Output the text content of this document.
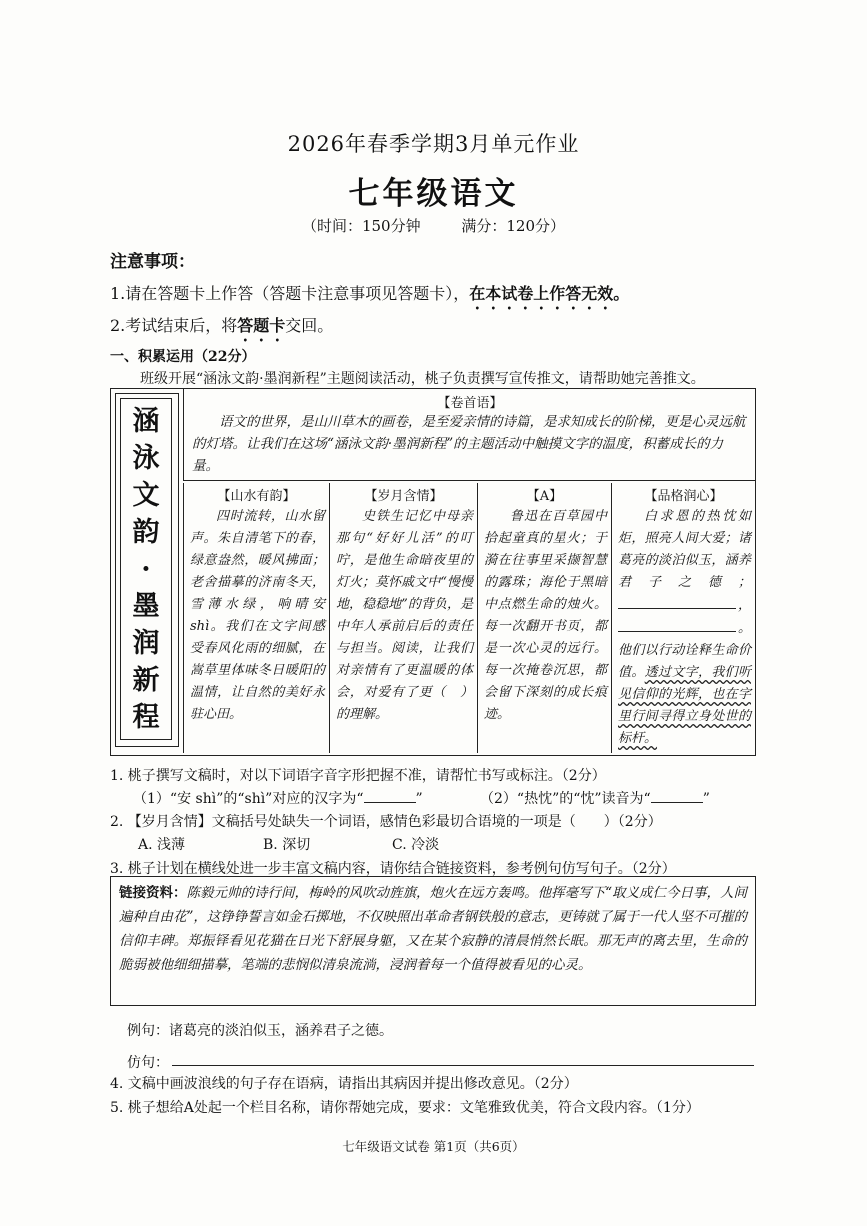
2026年春季学期3月单元作业
七年级语文
（时间：150分钟	满分：120分）
注意事项：
1.请在答题卡上作答（答题卡注意事项见答题卡），在本试卷上作答无效。
2.考试结束后，将答题卡交回。
一、积累运用（22分）
班级开展“涵泳文韵·墨润新程”主题阅读活动，桃子负责撰写宣传推文，请帮助她完善推文。
涵
泳
文
韵
·
墨
润
新
程
【卷首语】
语文的世界，是山川草木的画卷，是至爱亲情的诗篇，是求知成长的阶梯，更是心灵远航的灯塔。让我们在这场“涵泳文韵·墨润新程”的主题活动中触摸文字的温度，积蓄成长的力量。
【山水有韵】
四时流转，山水留声。朱自清笔下的春，绿意盎然，暖风拂面；老舍描摹的济南冬天，雪薄水绿，响晴安shì。我们在文字间感受春风化雨的细腻，在嵩草里体味冬日暖阳的温情，让自然的美好永驻心田。
【岁月含情】
史铁生记忆中母亲那句“好好儿活”的叮咛，是他生命暗夜里的灯火；莫怀戚文中“慢慢地，稳稳地”的背负，是中年人承前启后的责任与担当。阅读，让我们对亲情有了更温暖的体会，对爱有了更（　）的理解。
【A】
鲁迅在百草园中拾起童真的星火；于漪在往事里采撷智慧的露珠；海伦于黑暗中点燃生命的烛火。每一次翻开书页，都是一次心灵的远行。每一次掩卷沉思，都会留下深刻的成长痕迹。
【品格润心】
白求恩的热忱如炬，照亮人间大爱；诸葛亮的淡泊似玉，涵养君子之德；，。他们以行动诠释生命价值。透过文字，我们听见信仰的光辉，也在字里行间寻得立身处世的标杆。
1. 桃子撰写文稿时，对以下词语字音字形把握不准，请帮忙书写或标注。（2分）
（1）“安 shì”的“shì”对应的汉字为“	”	（2）“热忱”的“忱”读音为“	”
2. 【岁月含情】文稿括号处缺失一个词语，感情色彩最切合语境的一项是（　　）（2分）
A. 浅薄	B. 深切	C. 冷淡
3. 桃子计划在横线处进一步丰富文稿内容，请你结合链接资料，参考例句仿写句子。（2分）
链接资料：陈毅元帅的诗行间，梅岭的风吹动旌旗，炮火在远方轰鸣。他挥毫写下“取义成仁今日事，人间遍种自由花”，这铮铮誓言如金石掷地，不仅映照出革命者钢铁般的意志，更铸就了属于一代人坚不可摧的信仰丰碑。郑振铎看见花猫在日光下舒展身躯，又在某个寂静的清晨悄然长眠。那无声的离去里，生命的脆弱被他细细描摹，笔端的悲悯似清泉流淌，浸润着每一个值得被看见的心灵。
例句：诸葛亮的淡泊似玉，涵养君子之德。
仿句：
4. 文稿中画波浪线的句子存在语病，请指出其病因并提出修改意见。（2分）
5. 桃子想给A处起一个栏目名称，请你帮她完成，要求：文笔雅致优美，符合文段内容。（1分）
七年级语文试卷 第1页（共6页）
